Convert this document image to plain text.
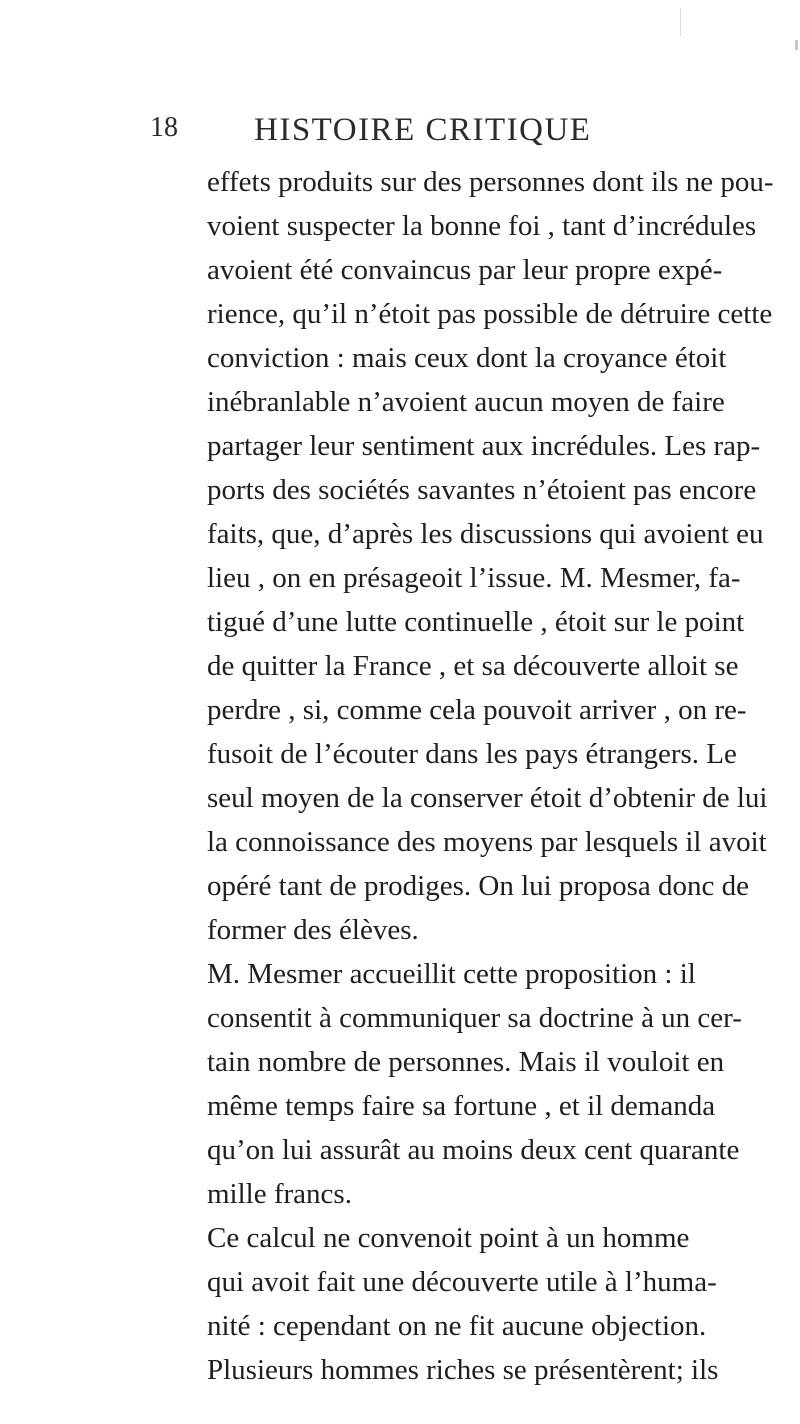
18 HISTOIRE CRITIQUE
effets produits sur des personnes dont ils ne pou-
voient suspecter la bonne foi , tant d’incrédules
avoient été convaincus par leur propre expé-
rience, qu’il n’étoit pas possible de détruire cette
conviction : mais ceux dont la croyance étoit
inébranlable n’avoient aucun moyen de faire
partager leur sentiment aux incrédules. Les rap-
ports des sociétés savantes n’étoient pas encore
faits, que, d’après les discussions qui avoient eu
lieu , on en présageoit l’issue. M. Mesmer, fa-
tigué d’une lutte continuelle , étoit sur le point
de quitter la France , et sa découverte alloit se
perdre , si, comme cela pouvoit arriver , on re-
fusoit de l’écouter dans les pays étrangers. Le
seul moyen de la conserver étoit d’obtenir de lui
la connoissance des moyens par lesquels il avoit
opéré tant de prodiges. On lui proposa donc de
former des élèves.
M. Mesmer accueillit cette proposition : il
consentit à communiquer sa doctrine à un cer-
tain nombre de personnes. Mais il vouloit en
même temps faire sa fortune , et il demanda
qu’on lui assurât au moins deux cent quarante
mille francs.
Ce calcul ne convenoit point à un homme
qui avoit fait une découverte utile à l’huma-
nité : cependant on ne fit aucune objection.
Plusieurs hommes riches se présentèrent; ils
